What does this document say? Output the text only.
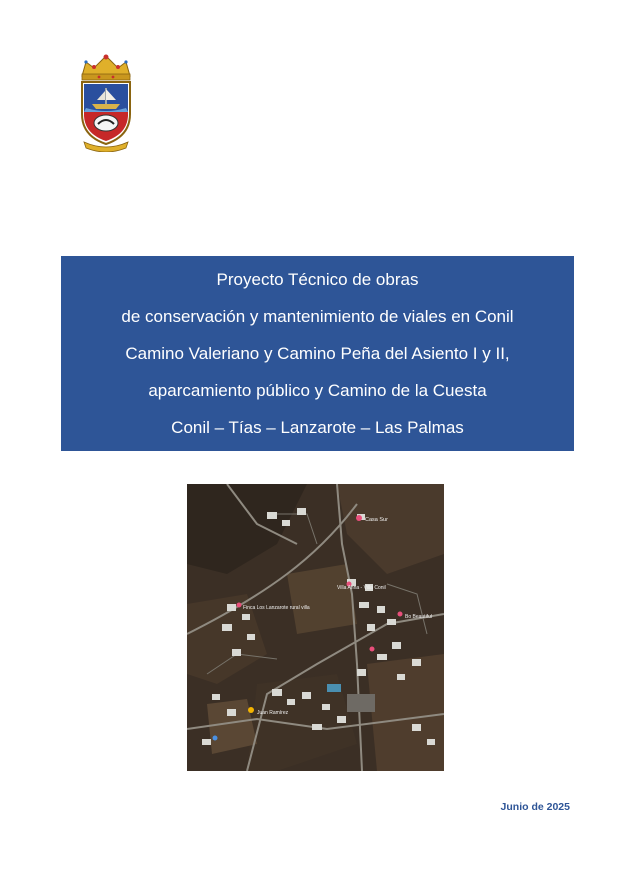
Proyecto Técnico de obras
de conservación y mantenimiento de viales en Conil
Camino Valeriano y Camino Peña del Asiento I y II,
aparcamiento público y Camino de la Cuesta
Conil – Tías – Lanzarote – Las Palmas
Casa Sur
Villa Anna - Villa Conil
Finca Los Lanzarote rural villa
Bo Beautiful
Juan Ramírez
Junio de 2025
